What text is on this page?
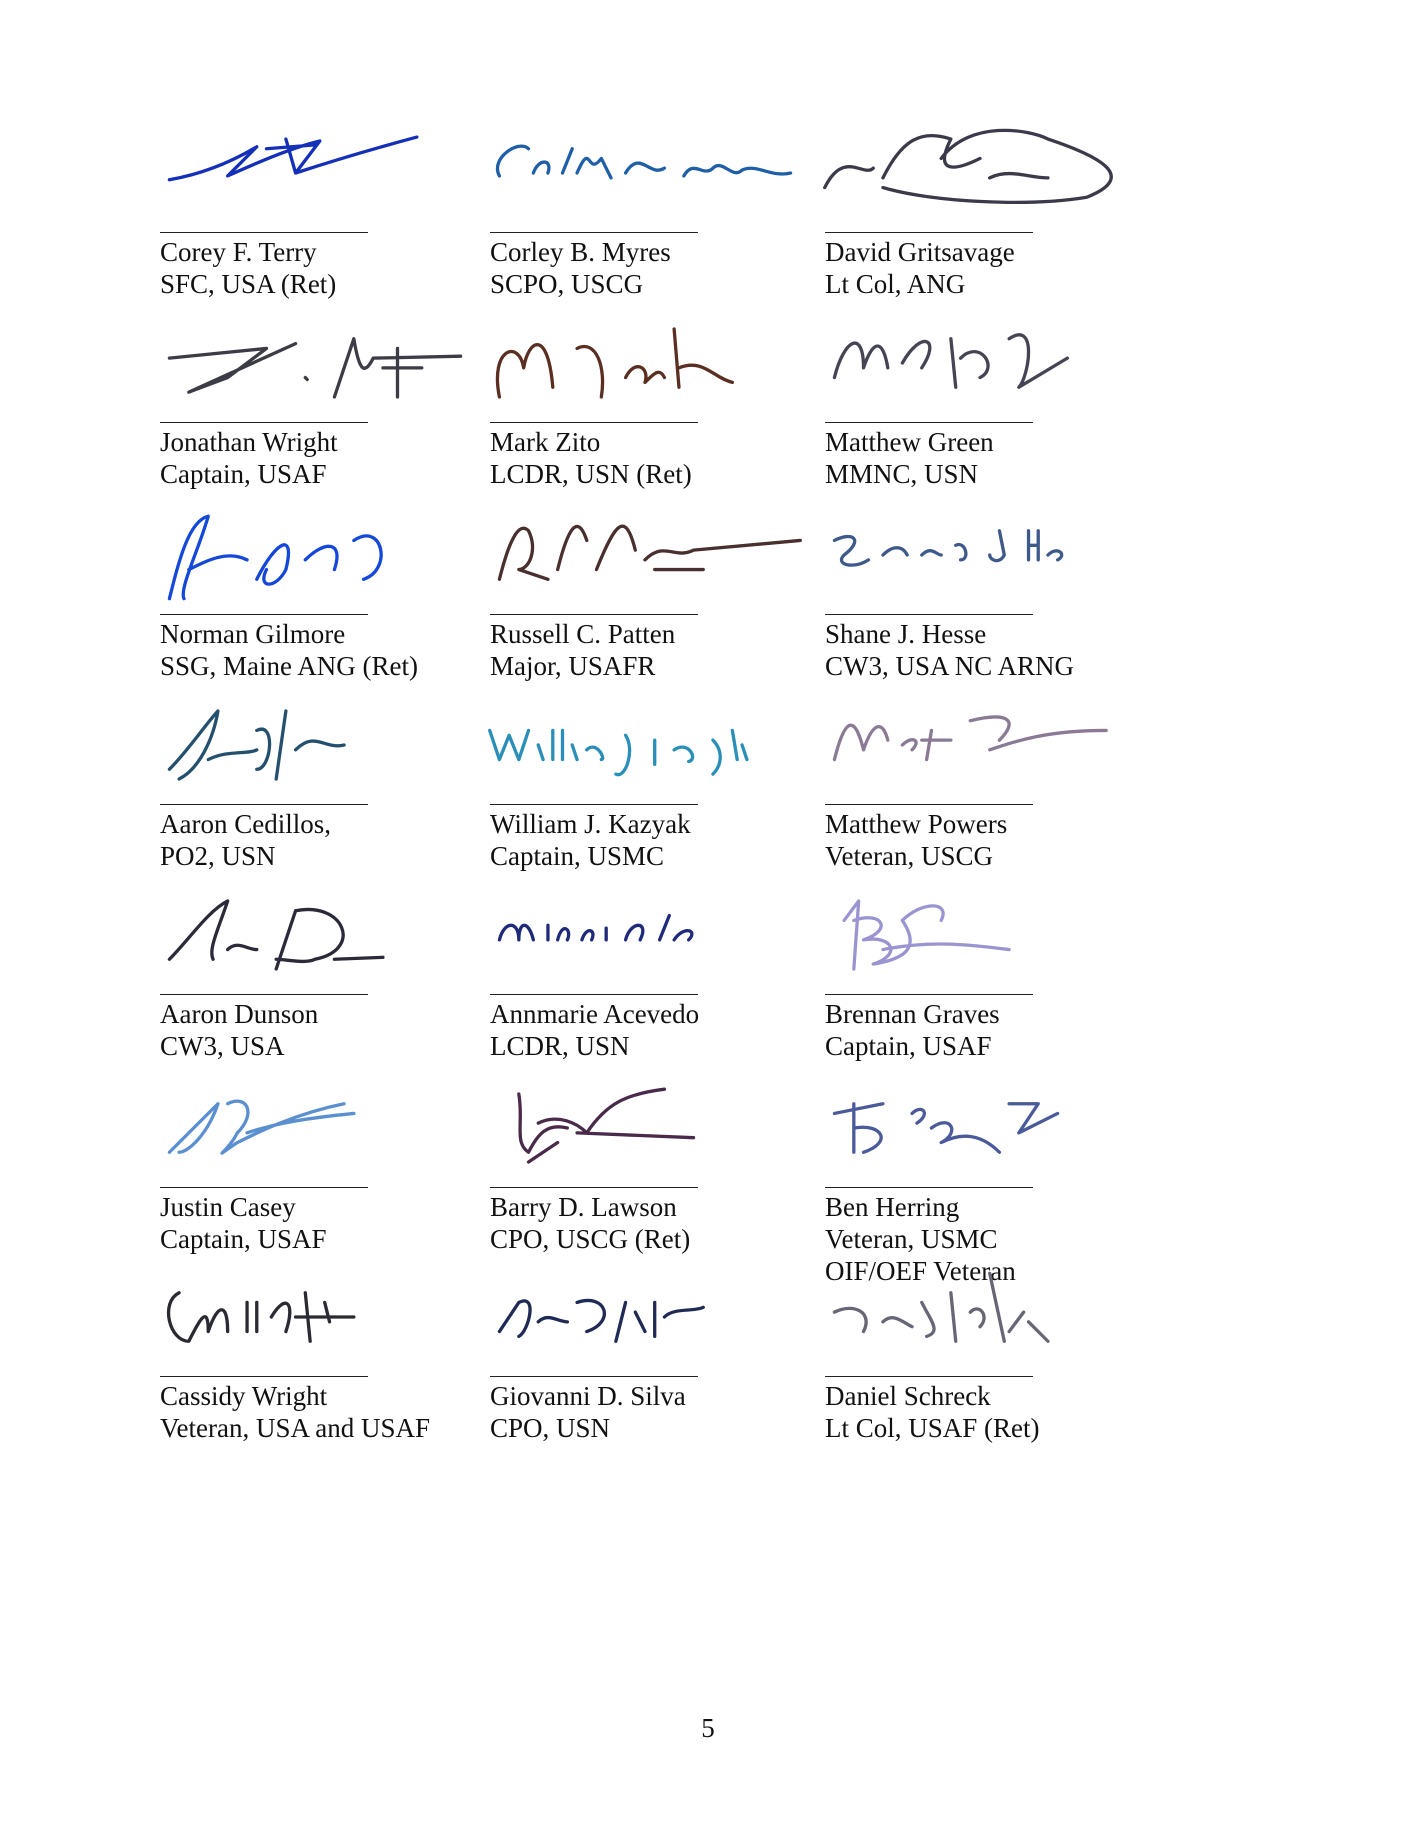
5
Corey F. Terry
SFC, USA (Ret)
Corley B. Myres
SCPO, USCG
David Gritsavage
Lt Col, ANG
Jonathan Wright
Captain, USAF
Mark Zito
LCDR, USN (Ret)
Matthew Green
MMNC, USN
Norman Gilmore
SSG, Maine ANG (Ret)
Russell C. Patten
Major, USAFR
Shane J. Hesse
CW3, USA NC ARNG
Aaron Cedillos,
PO2, USN
William J. Kazyak
Captain, USMC
Matthew Powers
Veteran, USCG
Aaron Dunson
CW3, USA
Annmarie Acevedo
LCDR, USN
Brennan Graves
Captain, USAF
Justin Casey
Captain, USAF
Barry D. Lawson
CPO, USCG (Ret)
Ben Herring
Veteran, USMC
OIF/OEF Veteran
Cassidy Wright
Veteran, USA and USAF
Giovanni D. Silva
CPO, USN
Daniel Schreck
Lt Col, USAF (Ret)
